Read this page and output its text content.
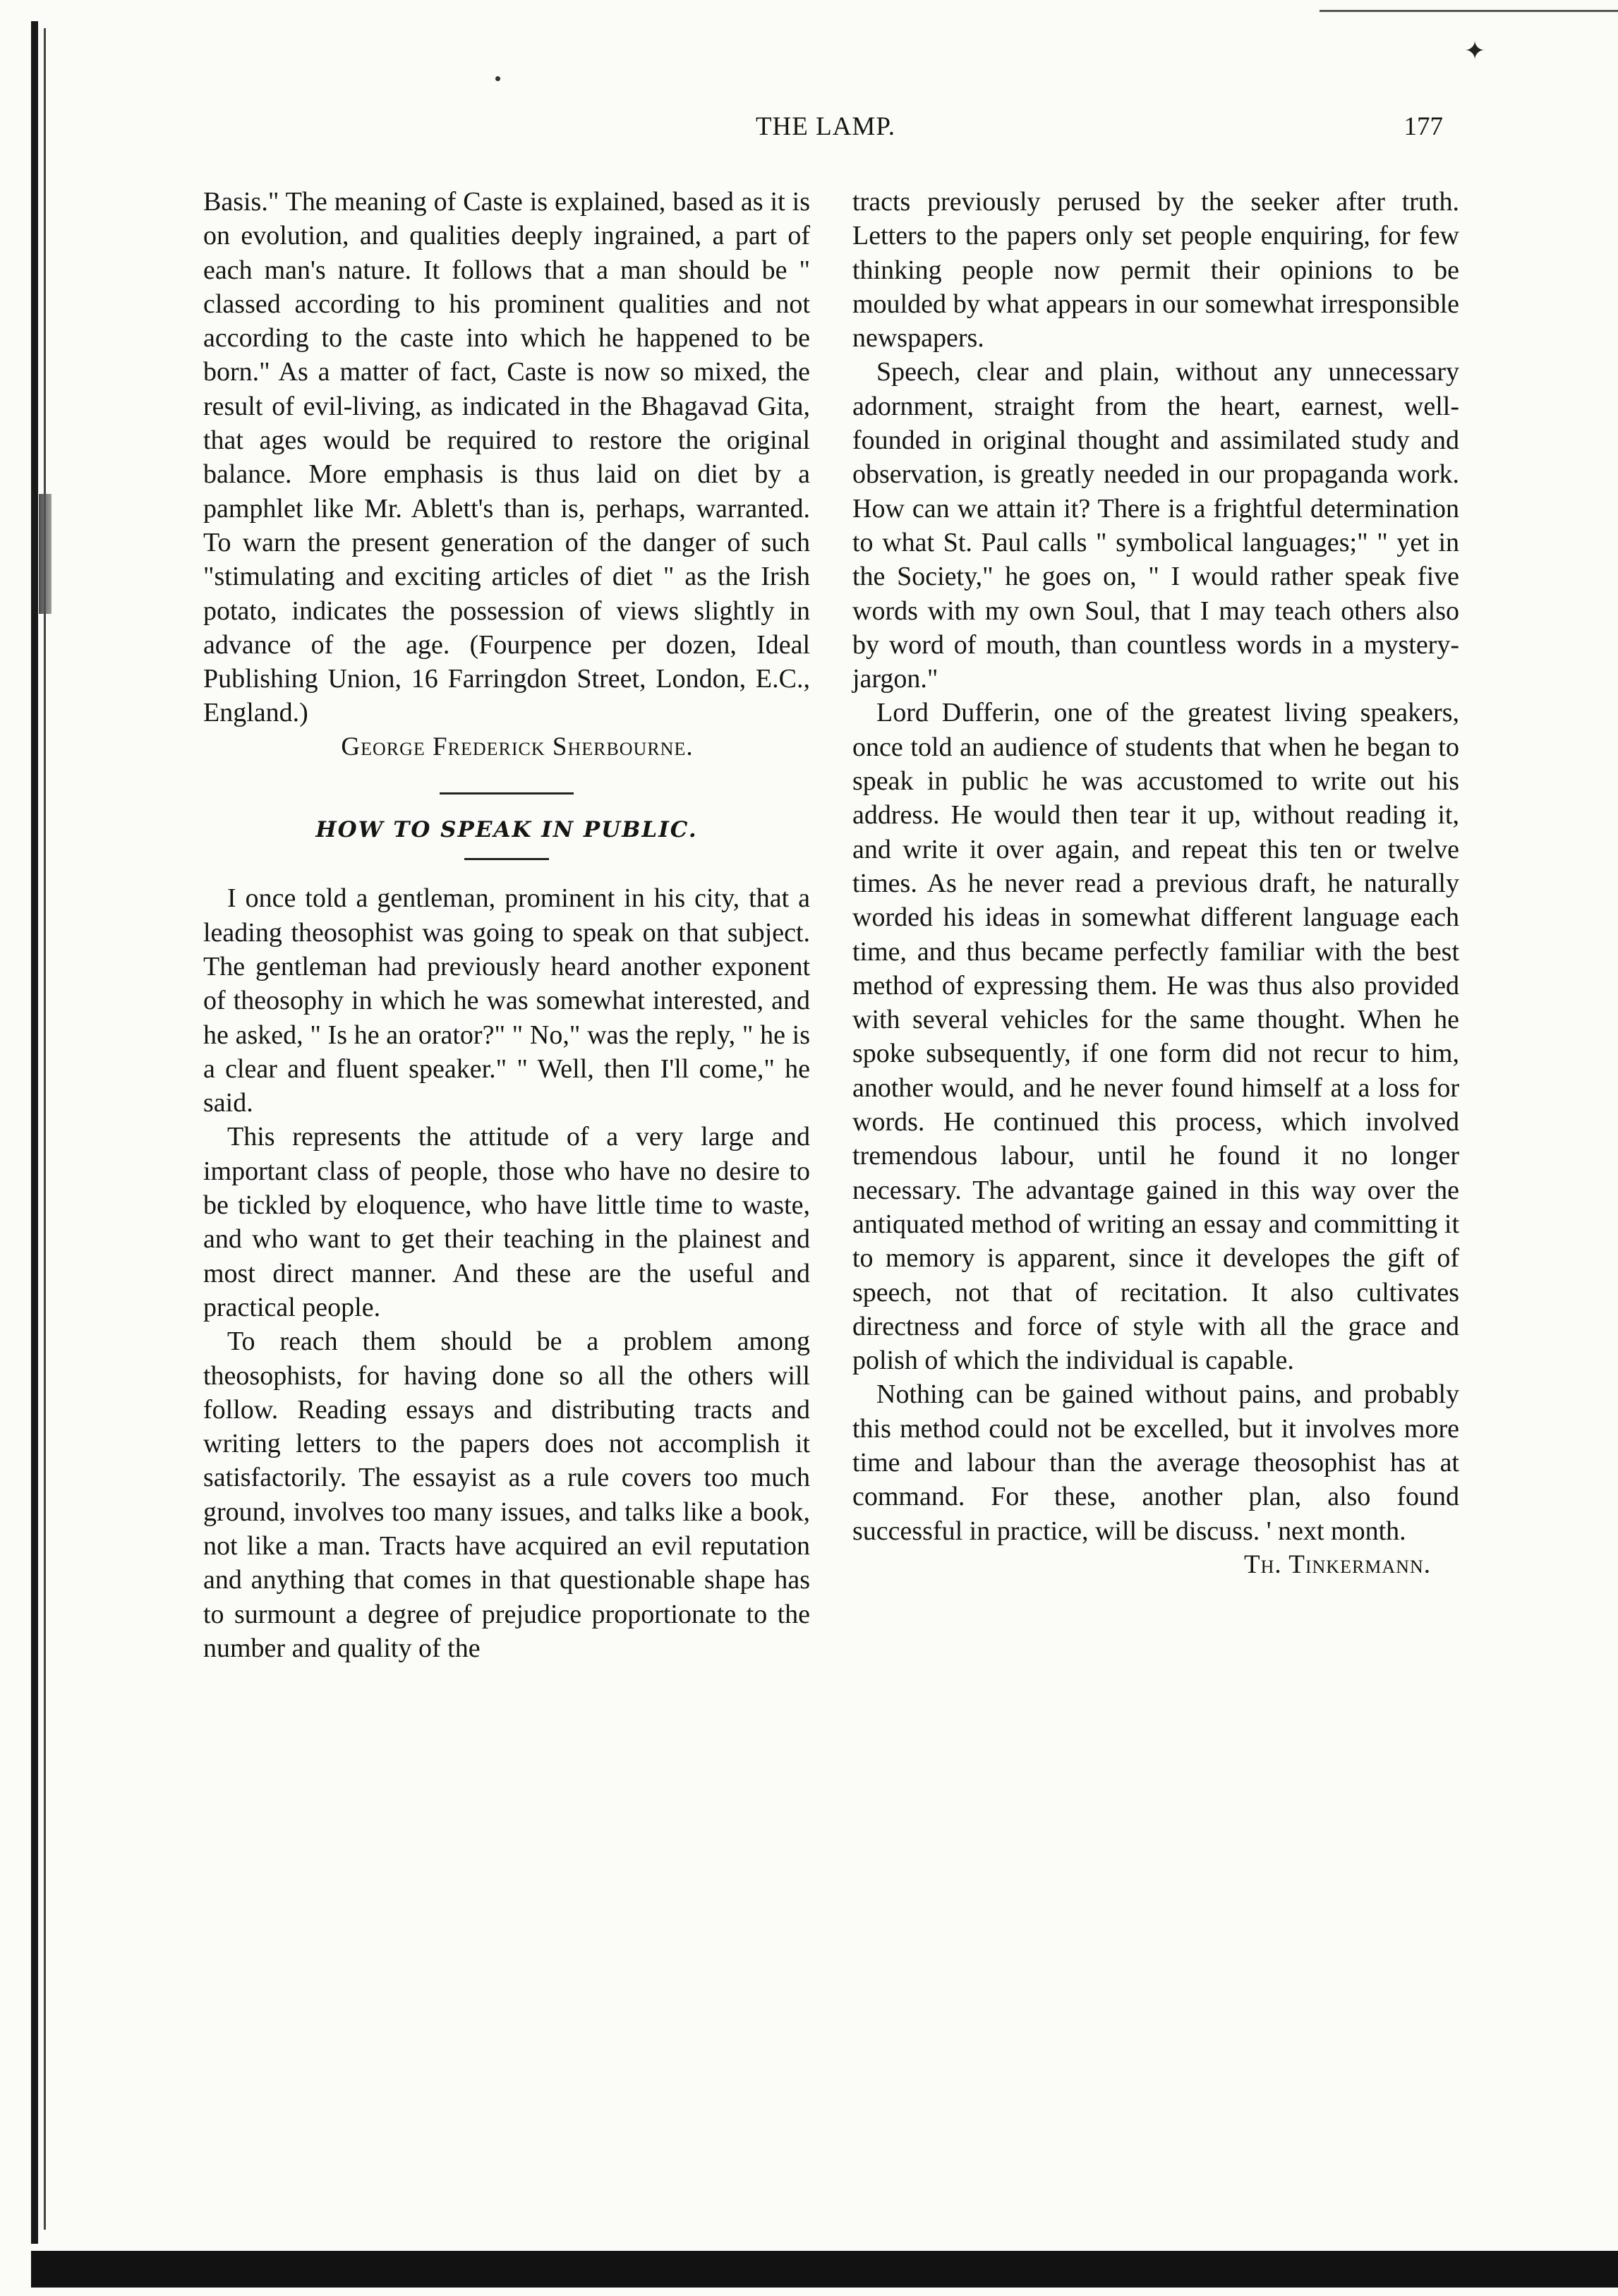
✦
THE LAMP.	177

Basis." The meaning of Caste is explained, based as it is on evolution, and qualities deeply ingrained, a part of each man's nature. It follows that a man should be " classed according to his prominent qualities and not according to the caste into which he happened to be born." As a matter of fact, Caste is now so mixed, the result of evil-living, as indicated in the Bhagavad Gita, that ages would be required to restore the original balance. More emphasis is thus laid on diet by a pamphlet like Mr. Ablett's than is, perhaps, warranted. To warn the present generation of the danger of such "stimulating and exciting articles of diet " as the Irish potato, indicates the possession of views slightly in advance of the age. (Fourpence per dozen, Ideal Publishing Union, 16 Farringdon Street, London, E.C., England.)

George Frederick Sherbourne.

HOW TO SPEAK IN PUBLIC.

I once told a gentleman, prominent in his city, that a leading theosophist was going to speak on that subject. The gentleman had previously heard another exponent of theosophy in which he was somewhat interested, and he asked, " Is he an orator?" " No," was the reply, " he is a clear and fluent speaker." " Well, then I'll come," he said.

This represents the attitude of a very large and important class of people, those who have no desire to be tickled by eloquence, who have little time to waste, and who want to get their teaching in the plainest and most direct manner. And these are the useful and practical people.

To reach them should be a problem among theosophists, for having done so all the others will follow. Reading essays and distributing tracts and writing letters to the papers does not accomplish it satisfactorily. The essayist as a rule covers too much ground, involves too many issues, and talks like a book, not like a man. Tracts have acquired an evil reputation and anything that comes in that questionable shape has to surmount a degree of prejudice proportionate to the number and quality of the

tracts previously perused by the seeker after truth. Letters to the papers only set people enquiring, for few thinking people now permit their opinions to be moulded by what appears in our somewhat irresponsible newspapers.

Speech, clear and plain, without any unnecessary adornment, straight from the heart, earnest, well-founded in original thought and assimilated study and observation, is greatly needed in our propaganda work. How can we attain it? There is a frightful determination to what St. Paul calls " symbolical languages;" " yet in the Society," he goes on, " I would rather speak five words with my own Soul, that I may teach others also by word of mouth, than countless words in a mystery-jargon."

Lord Dufferin, one of the greatest living speakers, once told an audience of students that when he began to speak in public he was accustomed to write out his address. He would then tear it up, without reading it, and write it over again, and repeat this ten or twelve times. As he never read a previous draft, he naturally worded his ideas in somewhat different language each time, and thus became perfectly familiar with the best method of expressing them. He was thus also provided with several vehicles for the same thought. When he spoke subsequently, if one form did not recur to him, another would, and he never found himself at a loss for words. He continued this process, which involved tremendous labour, until he found it no longer necessary. The advantage gained in this way over the antiquated method of writing an essay and committing it to memory is apparent, since it developes the gift of speech, not that of recitation. It also cultivates directness and force of style with all the grace and polish of which the individual is capable.

Nothing can be gained without pains, and probably this method could not be excelled, but it involves more time and labour than the average theosophist has at command. For these, another plan, also found successful in practice, will be discuss. ' next month.

Th. Tinkermann.
